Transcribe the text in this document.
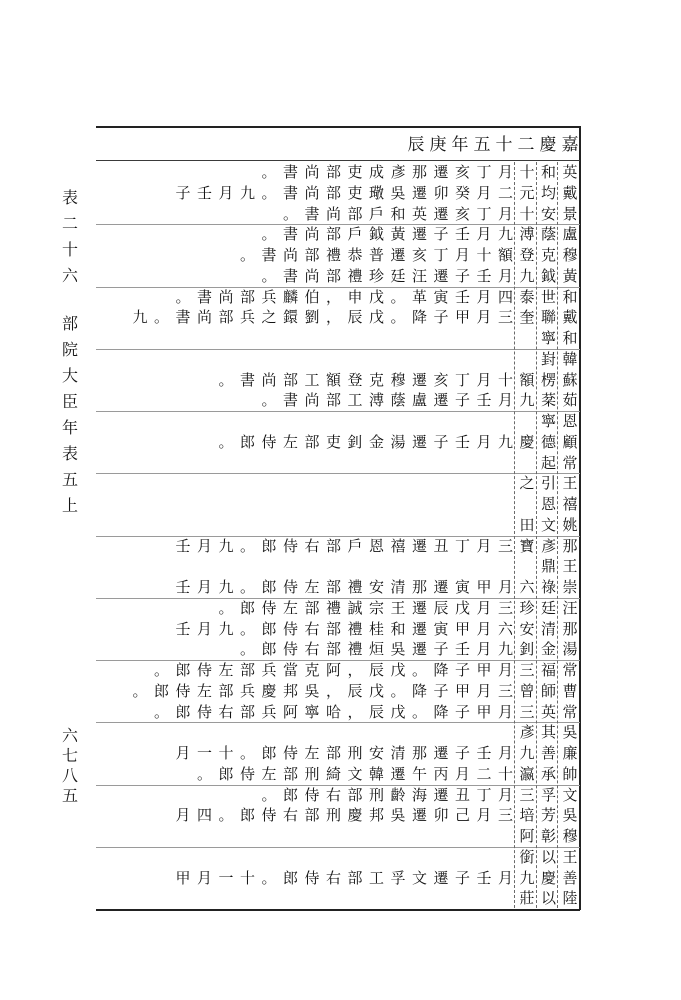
表
二
十
六
部
院
大
臣
年
表
五
上
六
七
八
五
嘉
慶
二
十
五
年
庚
辰
英
和
十
月
丁
亥
遷
那
彥
成
吏
部
尚
書
。
戴
均
元
二
月
癸
卯
遷
吳
璥
吏
部
尚
書
。
九
月
壬
子
景
安
十
月
丁
亥
遷
英
和
戶
部
尚
書
。
盧
蔭
溥
九
月
壬
子
遷
黃
鉞
戶
部
尚
書
。
穆
克
登
額
十
月
丁
亥
遷
普
恭
禮
部
尚
書
。
黃
鉞
九
月
壬
子
遷
汪
廷
珍
禮
部
尚
書
。
和
世
泰
四
月
壬
寅
革
。
戊
申
，
伯
麟
兵
部
尚
書
。
戴
聯
奎
三
月
甲
子
降
。
戊
辰
，
劉
鐶
之
兵
部
尚
書
。
九
和
寧
韓
崶
蘇
楞
額
十
月
丁
亥
遷
穆
克
登
額
工
部
尚
書
。
茹
棻
九
月
壬
子
遷
盧
蔭
溥
工
部
尚
書
。
恩
寧
顧
德
慶
九
月
壬
子
遷
湯
金
釗
吏
部
左
侍
郎
。
常
起
王
引
之
禧
恩
姚
文
田
那
彥
寶
三
月
丁
丑
遷
禧
恩
戶
部
右
侍
郎
。
九
月
壬
王
鼎
崇
祿
六
月
甲
寅
遷
那
清
安
禮
部
左
侍
郎
。
九
月
壬
汪
廷
珍
三
月
戊
辰
遷
王
宗
誠
禮
部
左
侍
郎
。
那
清
安
六
月
甲
寅
遷
和
桂
禮
部
右
侍
郎
。
九
月
壬
湯
金
釗
九
月
壬
子
遷
吳
烜
禮
部
右
侍
郎
。
常
福
三
月
甲
子
降
。
戊
辰
，
阿
克
當
兵
部
左
侍
郎
。
曹
師
曾
三
月
甲
子
降
。
戊
辰
，
吳
邦
慶
兵
部
左
侍
郎
。
常
英
三
月
甲
子
降
。
戊
辰
，
哈
寧
阿
兵
部
右
侍
郎
。
吳
其
彥
廉
善
九
月
壬
子
遷
那
清
安
刑
部
左
侍
郎
。
十
一
月
帥
承
瀛
十
二
月
丙
午
遷
韓
文
綺
刑
部
左
侍
郎
。
文
孚
三
月
丁
丑
遷
海
齡
刑
部
右
侍
郎
。
吳
芳
培
三
月
己
卯
遷
吳
邦
慶
刑
部
右
侍
郎
。
四
月
穆
彰
阿
王
以
銜
善
慶
九
月
壬
子
遷
文
孚
工
部
右
侍
郎
。
十
一
月
甲
陸
以
莊
